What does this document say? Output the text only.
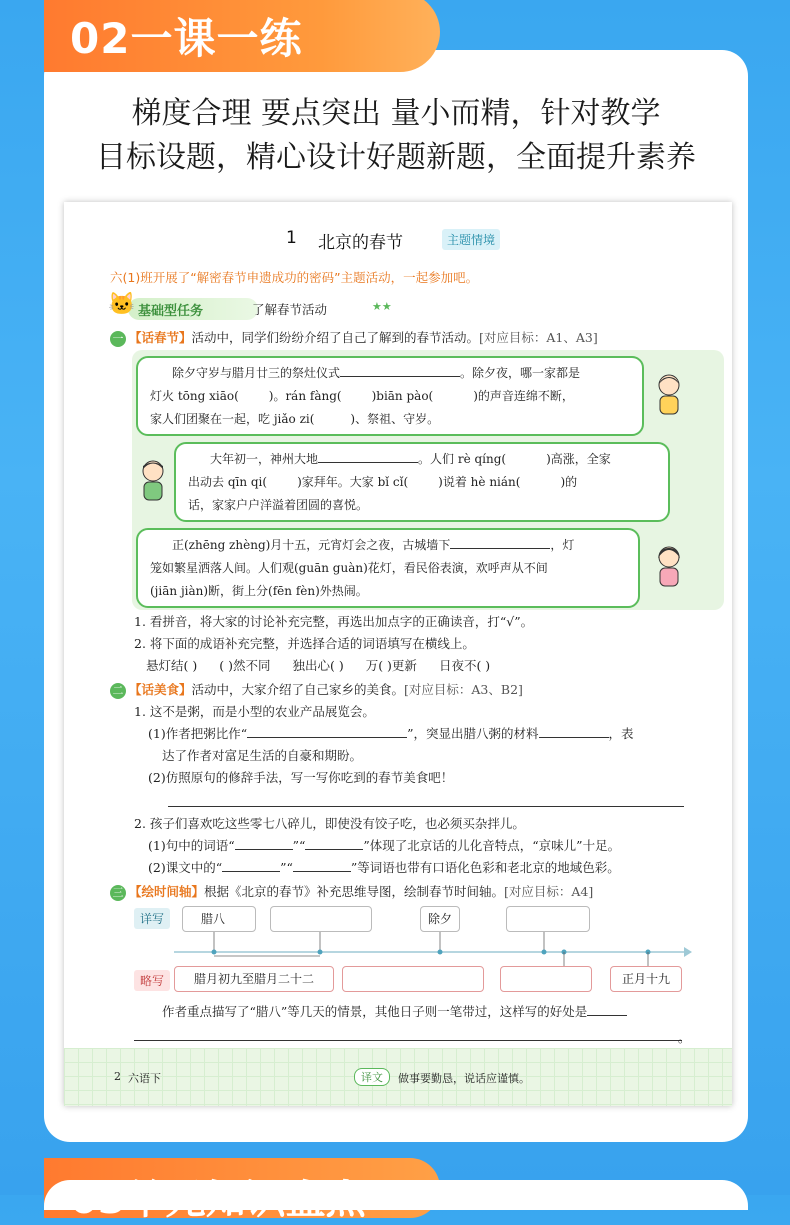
02一课一练
梯度合理 要点突出 量小而精，针对教学
目标设题，精心设计好题新题，全面提升素养
1 北京的春节	主题情境
六(1)班开展了“解密春节申遗成功的密码”主题活动，一起参加吧。
🐱 基础型任务	了解春节活动	★★
一 【话春节】活动中，同学们纷纷介绍了自己了解到的春节活动。[对应目标：A1、A3]
除夕守岁与腊月廿三的祭灶仪式	。除夕夜，哪一家都是
灯火 tōng xiāo(	)。rán fàng(	)biān pào(	)的声音连绵不断，
家人们团聚在一起，吃 jiǎo zi(	)、祭祖、守岁。
大年初一，神州大地	。人们 rè qíng(	)高涨，全家
出动去 qīn qi(	)家拜年。大家 bǐ cǐ(	)说着 hè nián(	)的
话，家家户户洋溢着团圆的喜悦。
正(zhēng zhèng)月十五，元宵灯会之夜，古城墙下	，灯
笼如繁星洒落人间。人们观(guān guàn)花灯，看民俗表演，欢呼声从不间
(jiān jiàn)断，街上分(fēn fèn)外热闹。
1. 看拼音，将大家的讨论补充完整，再选出加点字的正确读音，打“√”。
2. 将下面的成语补充完整，并选择合适的词语填写在横线上。
悬灯结( ) ( )然不同 独出心( ) 万( )更新 日夜不( )
二 【话美食】活动中，大家介绍了自己家乡的美食。[对应目标：A3、B2]
1. 这不是粥，而是小型的农业产品展览会。
(1)作者把粥比作“	”，突显出腊八粥的材料	，表
达了作者对富足生活的自豪和期盼。
(2)仿照原句的修辞手法，写一写你吃到的春节美食吧！
2. 孩子们喜欢吃这些零七八碎儿，即使没有饺子吃，也必须买杂拌儿。
(1)句中的词语“	”“	”体现了北京话的儿化音特点，“京味儿”十足。
(2)课文中的“	”“	”等词语也带有口语化色彩和老北京的地域色彩。
三 【绘时间轴】根据《北京的春节》补充思维导图，绘制春节时间轴。[对应目标：A4]
详写	腊八	除夕
略写	腊月初九至腊月二十二	正月十九
作者重点描写了“腊八”等几天的情景，其他日子则一笔带过，这样写的好处是
。
2 六语下	译文	做事要勤恳，说话应谨慎。
03单元知识盘点
